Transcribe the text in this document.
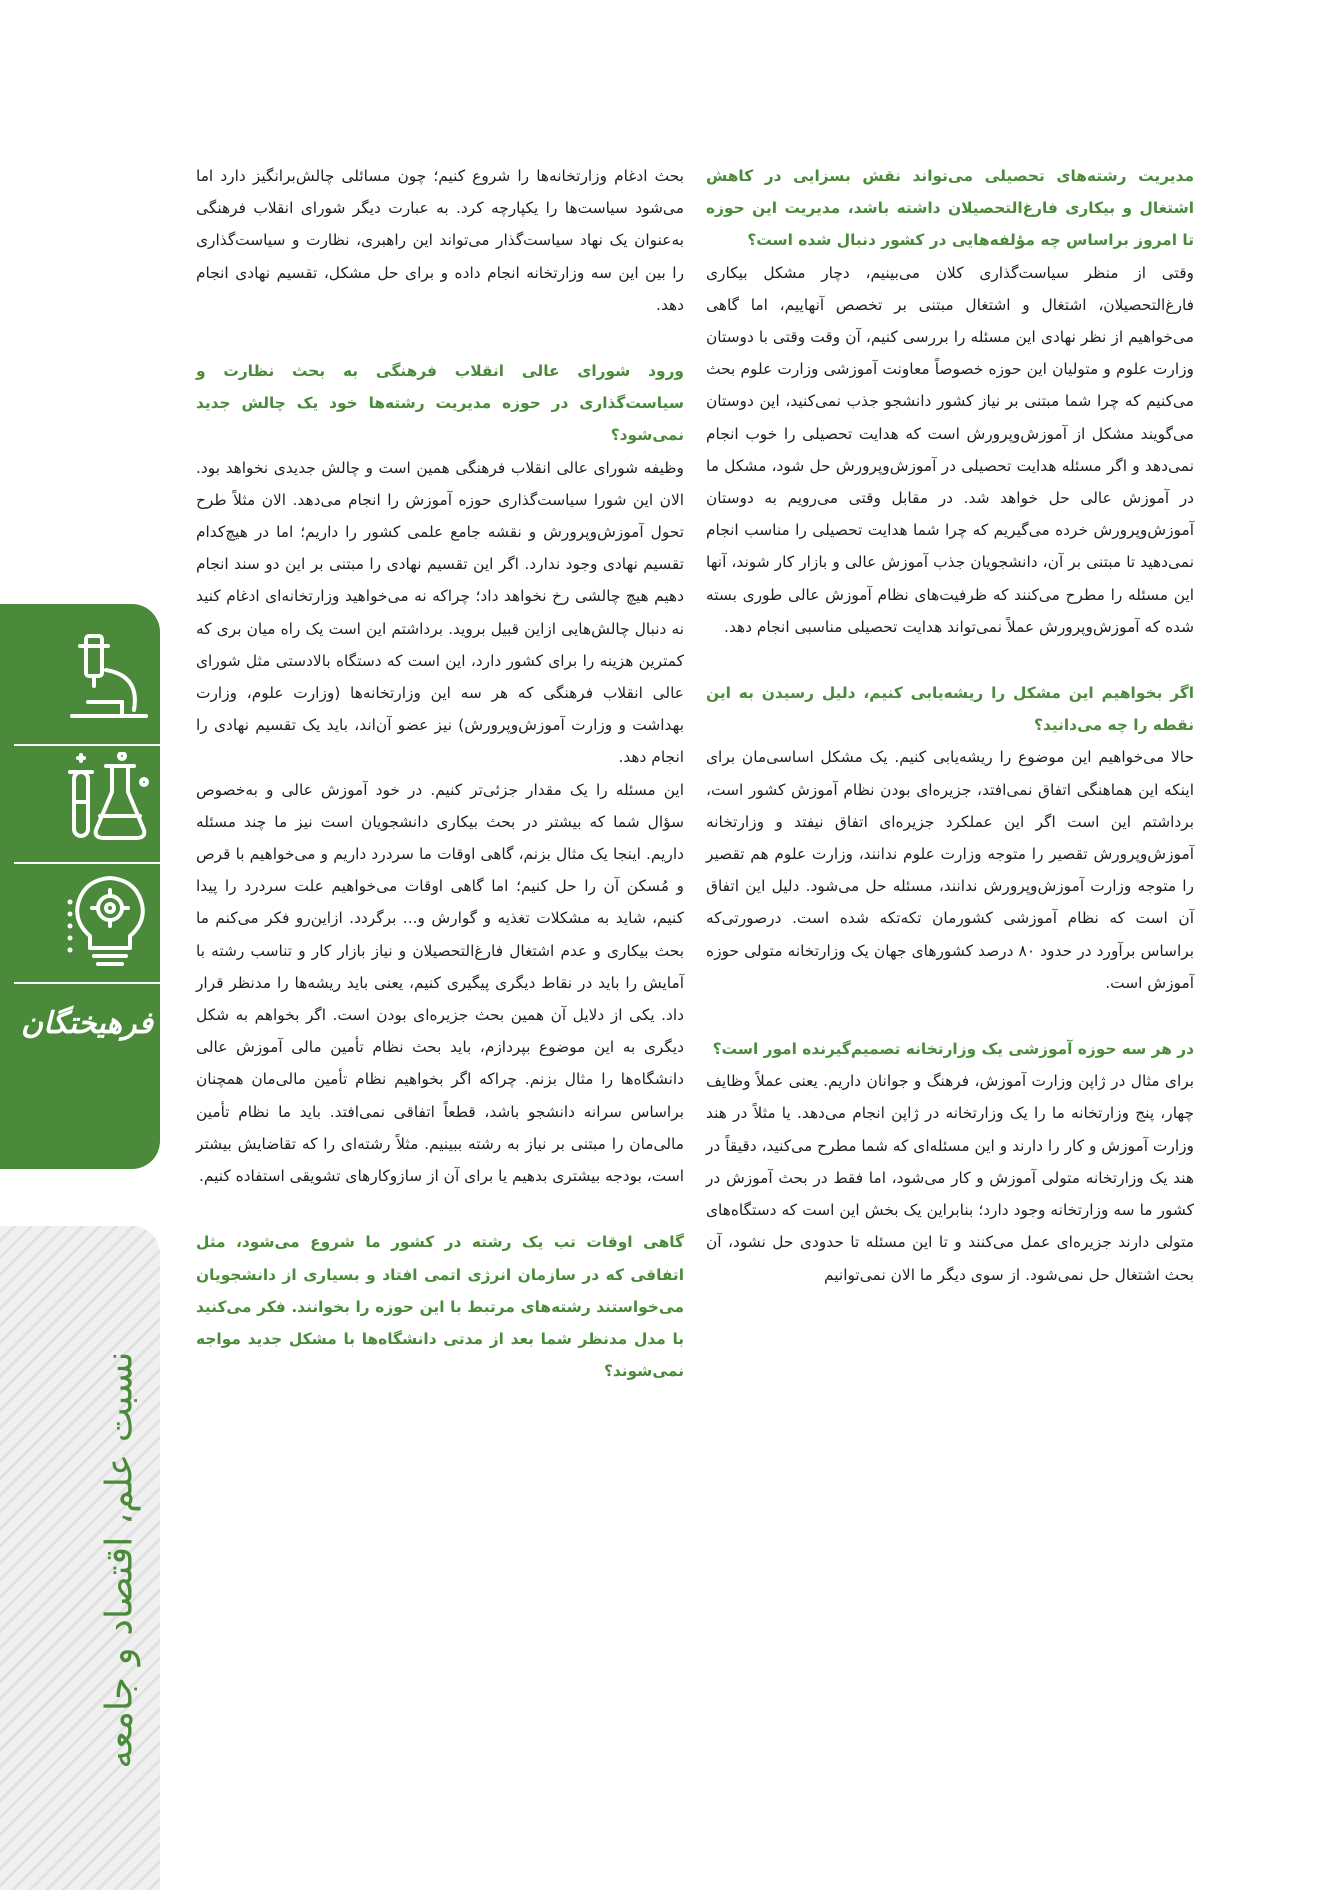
مدیریت رشته‌های تحصیلی می‌تواند نقش بسزایی در کاهش اشتغال و بیکاری فارغ‌التحصیلان داشته باشد، مدیریت این حوزه تا امروز براساس چه مؤلفه‌هایی در کشور دنبال شده است؟

وقتی از منظر سیاست‌گذاری کلان می‌بینیم، دچار مشکل بیکاری فارغ‌التحصیلان، اشتغال و اشتغال مبتنی بر تخصص آنهاییم، اما گاهی می‌خواهیم از نظر نهادی این مسئله را بررسی کنیم، آن وقت وقتی با دوستان وزارت علوم و متولیان این حوزه خصوصاً معاونت آموزشی وزارت علوم بحث می‌کنیم که چرا شما مبتنی بر نیاز کشور دانشجو جذب نمی‌کنید، این دوستان می‌گویند مشکل از آموزش‌وپرورش است که هدایت تحصیلی را خوب انجام نمی‌دهد و اگر مسئله هدایت تحصیلی در آموزش‌وپرورش حل شود، مشکل ما در آموزش عالی حل خواهد شد. در مقابل وقتی می‌رویم به دوستان آموزش‌وپرورش خرده می‌گیریم که چرا شما هدایت تحصیلی را مناسب انجام نمی‌دهید تا مبتنی بر آن، دانشجویان جذب آموزش عالی و بازار کار شوند، آنها این مسئله را مطرح می‌کنند که ظرفیت‌های نظام آموزش عالی طوری بسته شده که آموزش‌وپرورش عملاً نمی‌تواند هدایت تحصیلی مناسبی انجام دهد.

اگر بخواهیم این مشکل را ریشه‌یابی کنیم، دلیل رسیدن به این نقطه را چه می‌دانید؟

حالا می‌خواهیم این موضوع را ریشه‌یابی کنیم. یک مشکل اساسی‌مان برای اینکه این هماهنگی اتفاق نمی‌افتد، جزیره‌ای بودن نظام آموزش کشور است، برداشتم این است اگر این عملکرد جزیره‌ای اتفاق نیفتد و وزارتخانه آموزش‌وپرورش تقصیر را متوجه وزارت علوم ندانند، وزارت علوم هم تقصیر را متوجه وزارت آموزش‌وپرورش ندانند، مسئله حل می‌شود. دلیل این اتفاق آن است که نظام آموزشی کشورمان تکه‌تکه شده است. درصورتی‌که براساس برآورد در حدود ۸۰ درصد کشورهای جهان یک وزارتخانه متولی حوزه آموزش است.

در هر سه حوزه آموزشی یک وزارتخانه تصمیم‌گیرنده امور است؟

برای مثال در ژاپن وزارت آموزش، فرهنگ و جوانان داریم. یعنی عملاً وظایف چهار، پنج وزارتخانه ما را یک وزارتخانه در ژاپن انجام می‌دهد. یا مثلاً در هند وزارت آموزش و کار را دارند و این مسئله‌ای که شما مطرح می‌کنید، دقیقاً در هند یک وزارتخانه متولی آموزش و کار می‌شود، اما فقط در بحث آموزش در کشور ما سه وزارتخانه وجود دارد؛ بنابراین یک بخش این است که دستگاه‌های متولی دارند جزیره‌ای عمل می‌کنند و تا این مسئله تا حدودی حل نشود، آن بحث اشتغال حل نمی‌شود. از سوی دیگر ما الان نمی‌توانیم

بحث ادغام وزارتخانه‌ها را شروع کنیم؛ چون مسائلی چالش‌برانگیز دارد اما می‌شود سیاست‌ها را یکپارچه کرد. به عبارت دیگر شورای انقلاب فرهنگی به‌عنوان یک نهاد سیاست‌گذار می‌تواند این راهبری، نظارت و سیاست‌گذاری را بین این سه وزارتخانه انجام داده و برای حل مشکل، تقسیم نهادی انجام دهد.

ورود شورای عالی انقلاب فرهنگی به بحث نظارت و سیاست‌گذاری در حوزه مدیریت رشته‌ها خود یک چالش جدید نمی‌شود؟

وظیفه شورای عالی انقلاب فرهنگی همین است و چالش جدیدی نخواهد بود. الان این شورا سیاست‌گذاری حوزه آموزش را انجام می‌دهد. الان مثلاً طرح تحول آموزش‌وپرورش و نقشه جامع علمی کشور را داریم؛ اما در هیچ‌کدام تقسیم نهادی وجود ندارد. اگر این تقسیم نهادی را مبتنی بر این دو سند انجام دهیم هیچ چالشی رخ نخواهد داد؛ چراکه نه می‌خواهید وزارتخانه‌ای ادغام کنید نه دنبال چالش‌هایی ازاین قبیل بروید. برداشتم این است یک راه میان بری که کمترین هزینه را برای کشور دارد، این است که دستگاه بالادستی مثل شورای عالی انقلاب فرهنگی که هر سه این وزارتخانه‌ها (وزارت علوم، وزارت بهداشت و وزارت آموزش‌وپرورش) نیز عضو آن‌اند، باید یک تقسیم نهادی را انجام دهد.

این مسئله را یک مقدار جزئی‌تر کنیم. در خود آموزش عالی و به‌خصوص سؤال شما که بیشتر در بحث بیکاری دانشجویان است نیز ما چند مسئله داریم. اینجا یک مثال بزنم، گاهی اوقات ما سردرد داریم و می‌خواهیم با قرص و مُسکن آن را حل کنیم؛ اما گاهی اوقات می‌خواهیم علت سردرد را پیدا کنیم، شاید به مشکلات تغذیه و گوارش و... برگردد. ازاین‌رو فکر می‌کنم ما بحث بیکاری و عدم اشتغال فارغ‌التحصیلان و نیاز بازار کار و تناسب رشته با آمایش را باید در نقاط دیگری پیگیری کنیم، یعنی باید ریشه‌ها را مدنظر قرار داد. یکی از دلایل آن همین بحث جزیره‌ای بودن است. اگر بخواهم به شکل دیگری به این موضوع بپردازم، باید بحث نظام تأمین مالی آموزش عالی دانشگاه‌ها را مثال بزنم. چراکه اگر بخواهیم نظام تأمین مالی‌مان همچنان براساس سرانه دانشجو باشد، قطعاً اتفاقی نمی‌افتد. باید ما نظام تأمین مالی‌مان را مبتنی بر نیاز به رشته ببینیم. مثلاً رشته‌ای را که تقاضایش بیشتر است، بودجه بیشتری بدهیم یا برای آن از سازوکارهای تشویقی استفاده کنیم.

گاهی اوقات تب یک رشته در کشور ما شروع می‌شود، مثل اتفاقی که در سازمان انرژی اتمی افتاد و بسیاری از دانشجویان می‌خواستند رشته‌های مرتبط با این حوزه را بخوانند. فکر می‌کنید با مدل مدنظر شما بعد از مدتی دانشگاه‌ها با مشکل جدید مواجه نمی‌شوند؟

فرهیختگان
۱۶۹
نسبت علم، اقتصاد و جامعه
